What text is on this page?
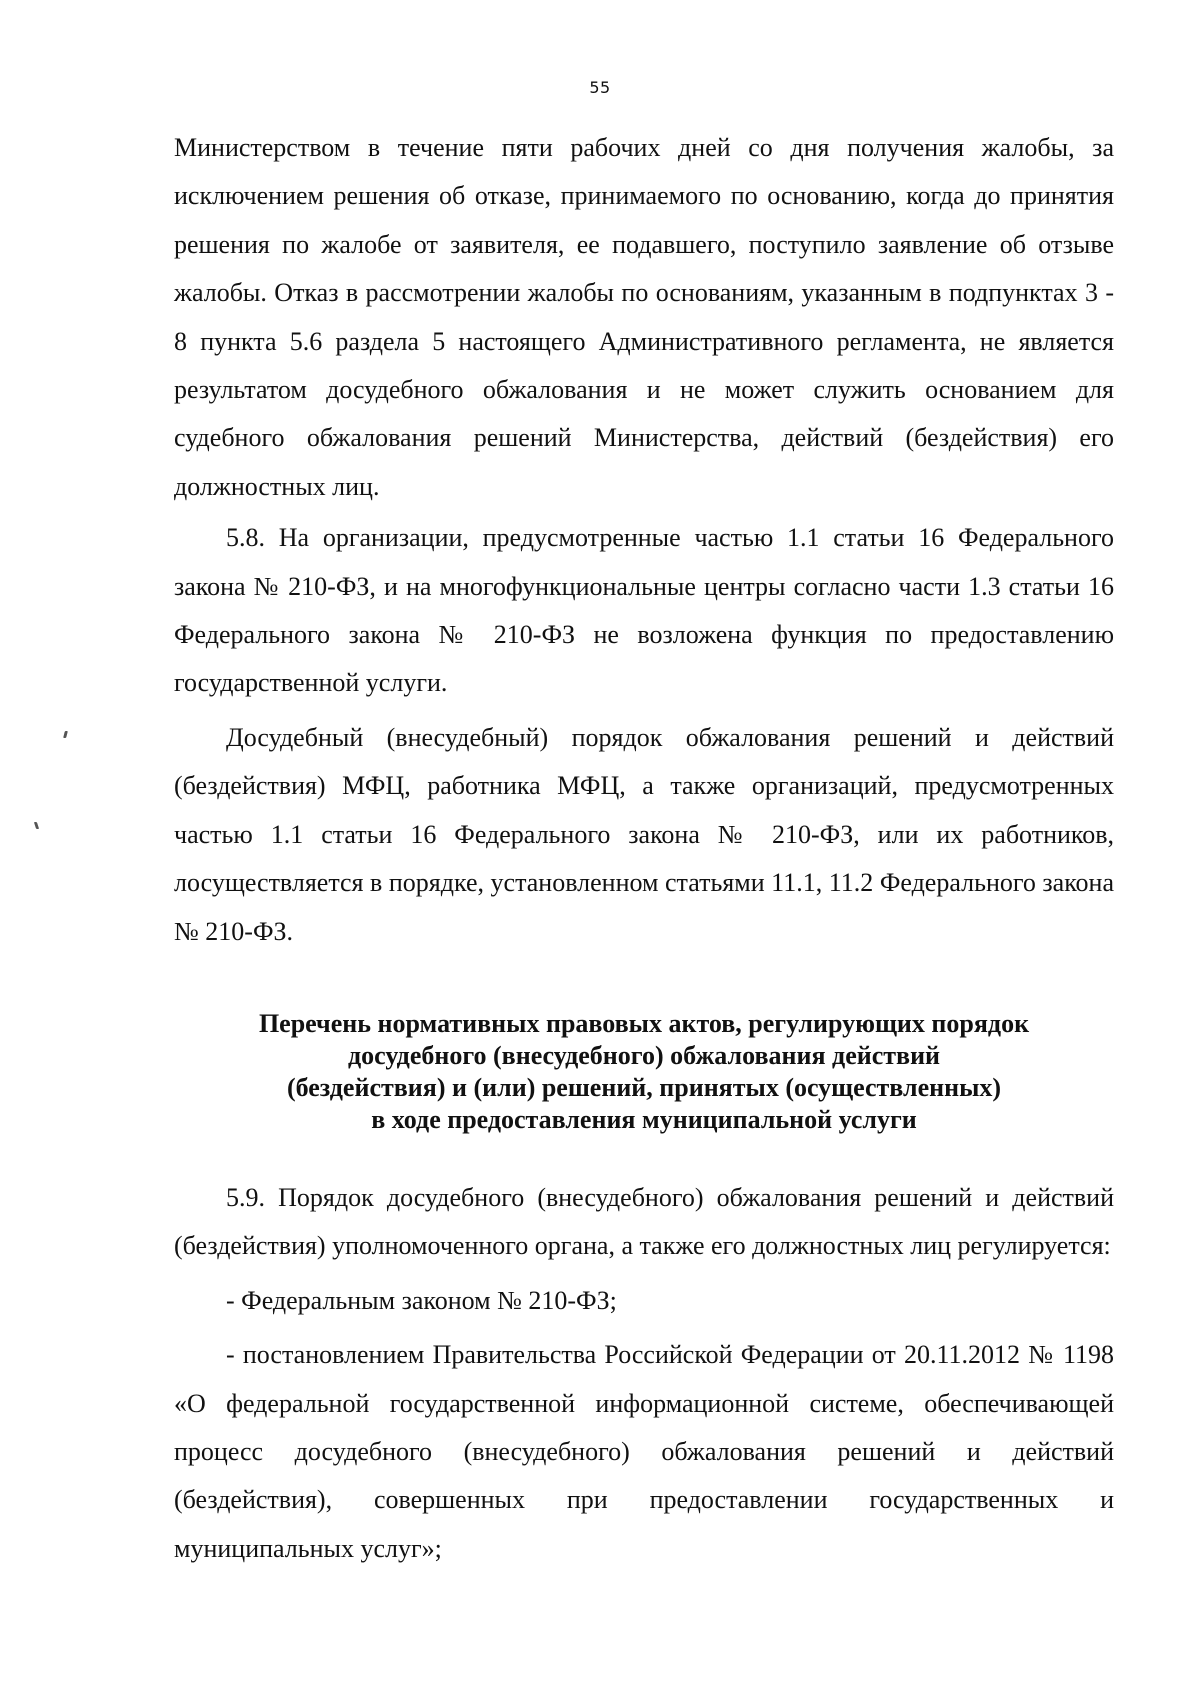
55

Министерством в течение пяти рабочих дней со дня получения жалобы, за исключением решения об отказе, принимаемого по основанию, когда до принятия решения по жалобе от заявителя, ее подавшего, поступило заявление об отзыве жалобы. Отказ в рассмотрении жалобы по основаниям, указанным в подпунктах 3 - 8 пункта 5.6 раздела 5 настоящего Административного регламента, не является результатом досудебного обжалования и не может служить основанием для судебного обжалования решений Министерства, действий (бездействия) его должностных лиц.

5.8. На организации, предусмотренные частью 1.1 статьи 16 Федерального закона № 210-ФЗ, и на многофункциональные центры согласно части 1.3 статьи 16 Федерального закона № 210-ФЗ не возложена функция по предоставлению государственной услуги.

Досудебный (внесудебный) порядок обжалования решений и действий (бездействия) МФЦ, работника МФЦ, а также организаций, предусмотренных частью 1.1 статьи 16 Федерального закона № 210-ФЗ, или их работников, лосуществляется в порядке, установленном статьями 11.1, 11.2 Федерального закона № 210-ФЗ.

Перечень нормативных правовых актов, регулирующих порядок
досудебного (внесудебного) обжалования действий
(бездействия) и (или) решений, принятых (осуществленных)
в ходе предоставления муниципальной услуги

5.9. Порядок досудебного (внесудебного) обжалования решений и действий (бездействия) уполномоченного органа, а также его должностных лиц регулируется:

- Федеральным законом № 210-ФЗ;

- постановлением Правительства Российской Федерации от 20.11.2012 № 1198 «О федеральной государственной информационной системе, обеспечивающей процесс досудебного (внесудебного) обжалования решений и действий (бездействия), совершенных при предоставлении государственных и муниципальных услуг»;
